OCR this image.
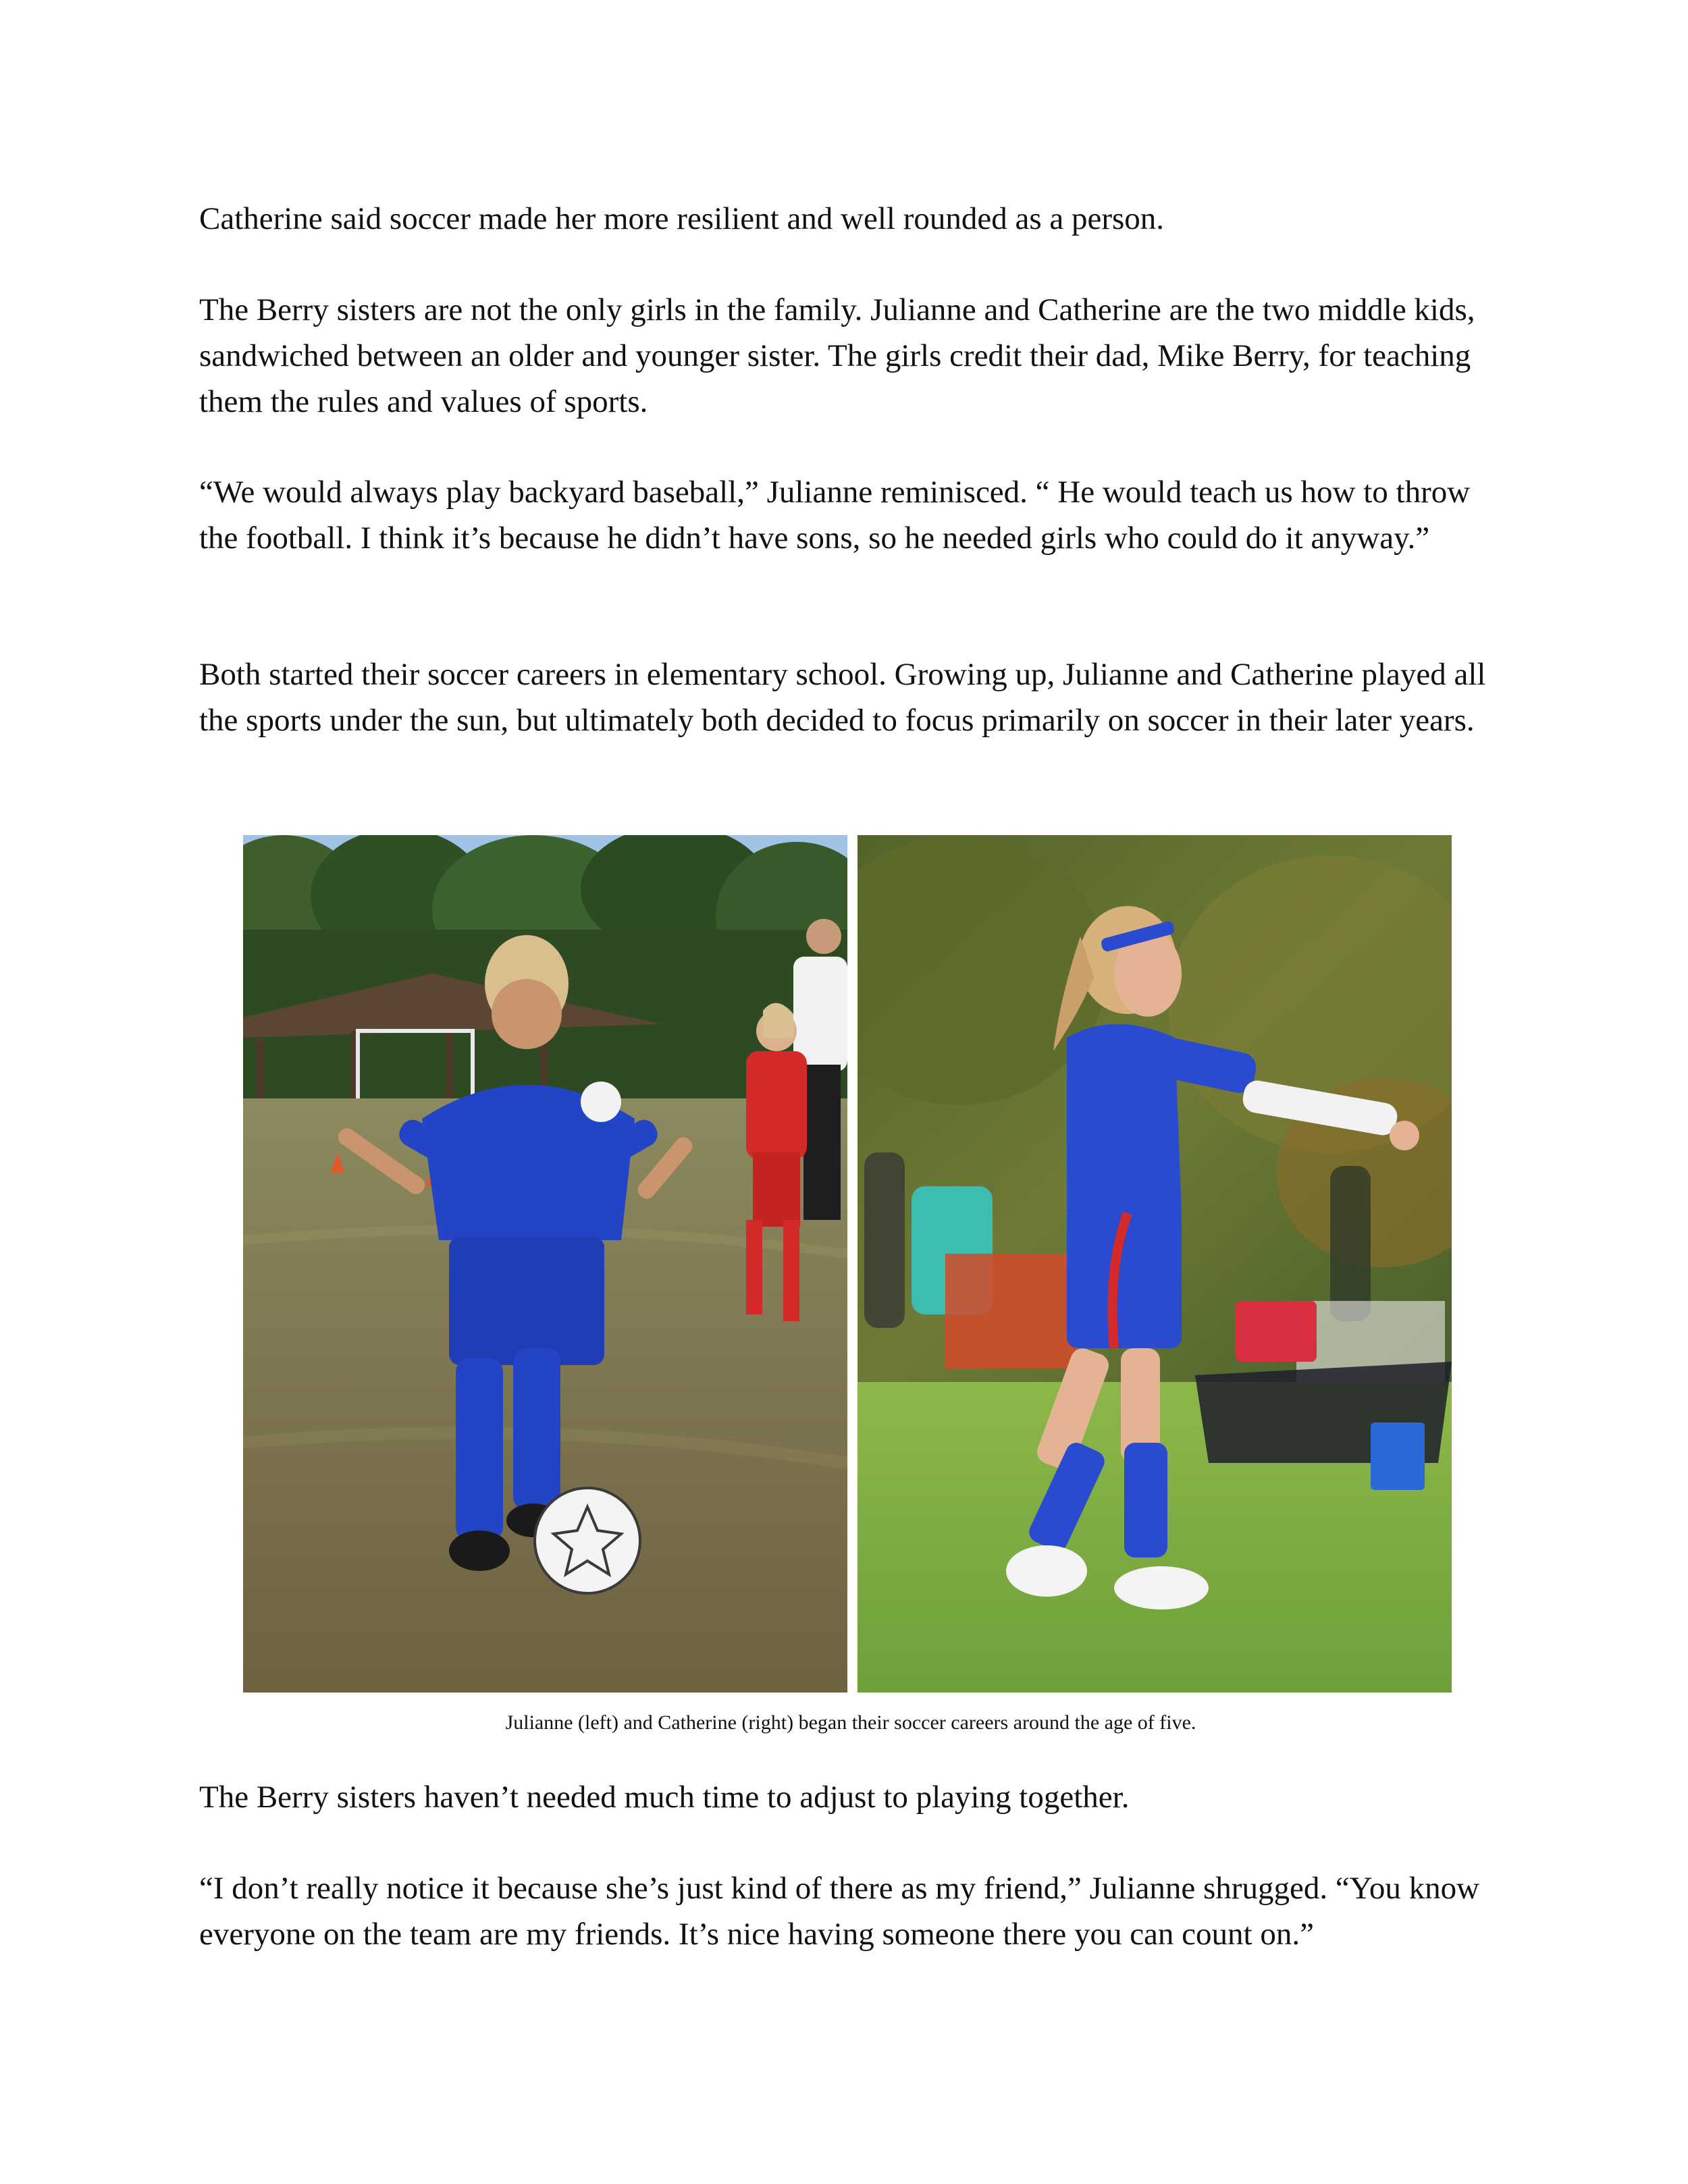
Catherine said soccer made her more resilient and well rounded as a person.

The Berry sisters are not the only girls in the family. Julianne and Catherine are the two middle kids, sandwiched between an older and younger sister. The girls credit their dad, Mike Berry, for teaching them the rules and values of sports.

“We would always play backyard baseball,” Julianne reminisced. “ He would teach us how to throw the football. I think it’s because he didn’t have sons, so he needed girls who could do it anyway.”

Both started their soccer careers in elementary school. Growing up, Julianne and Catherine played all the sports under the sun, but ultimately both decided to focus primarily on soccer in their later years.

Julianne (left) and Catherine (right) began their soccer careers around the age of five.

The Berry sisters haven’t needed much time to adjust to playing together.

“I don’t really notice it because she’s just kind of there as my friend,” Julianne shrugged. “You know everyone on the team are my friends. It’s nice having someone there you can count on.”
